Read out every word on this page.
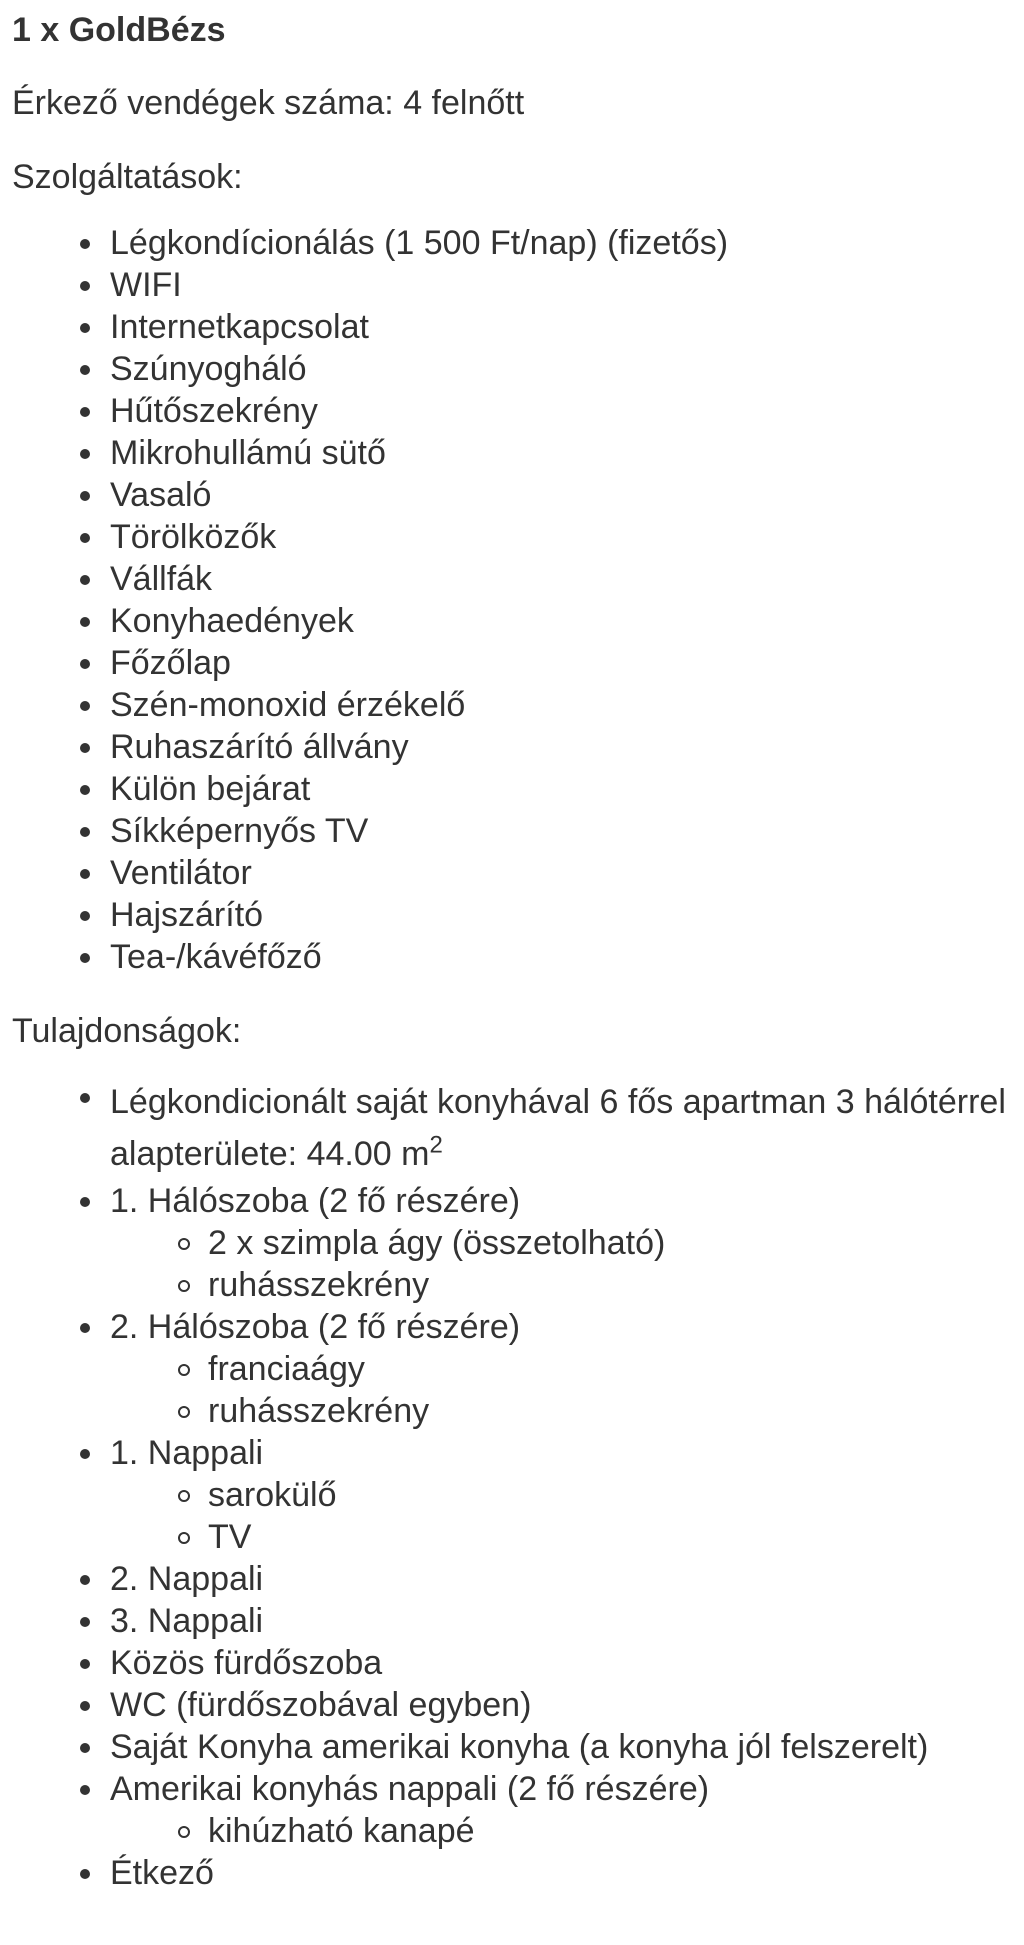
1 x GoldBézs
Érkező vendégek száma: 4 felnőtt
Szolgáltatások:
Légkondícionálás (1 500 Ft/nap) (fizetős)
WIFI
Internetkapcsolat
Szúnyogháló
Hűtőszekrény
Mikrohullámú sütő
Vasaló
Törölközők
Vállfák
Konyhaedények
Főzőlap
Szén-monoxid érzékelő
Ruhaszárító állvány
Külön bejárat
Síkképernyős TV
Ventilátor
Hajszárító
Tea-/kávéfőző
Tulajdonságok:
Légkondicionált saját konyhával 6 fős apartman 3 hálótérrel alapterülete: 44.00 $m^2$
1. Hálószoba (2 fő részére)
2 x szimpla ágy (összetolható)
ruhásszekrény
2. Hálószoba (2 fő részére)
franciaágy
ruhásszekrény
1. Nappali
sarokülő
TV
2. Nappali
3. Nappali
Közös fürdőszoba
WC (fürdőszobával egyben)
Saját Konyha amerikai konyha (a konyha jól felszerelt)
Amerikai konyhás nappali (2 fő részére)
kihúzható kanapé
Étkező
